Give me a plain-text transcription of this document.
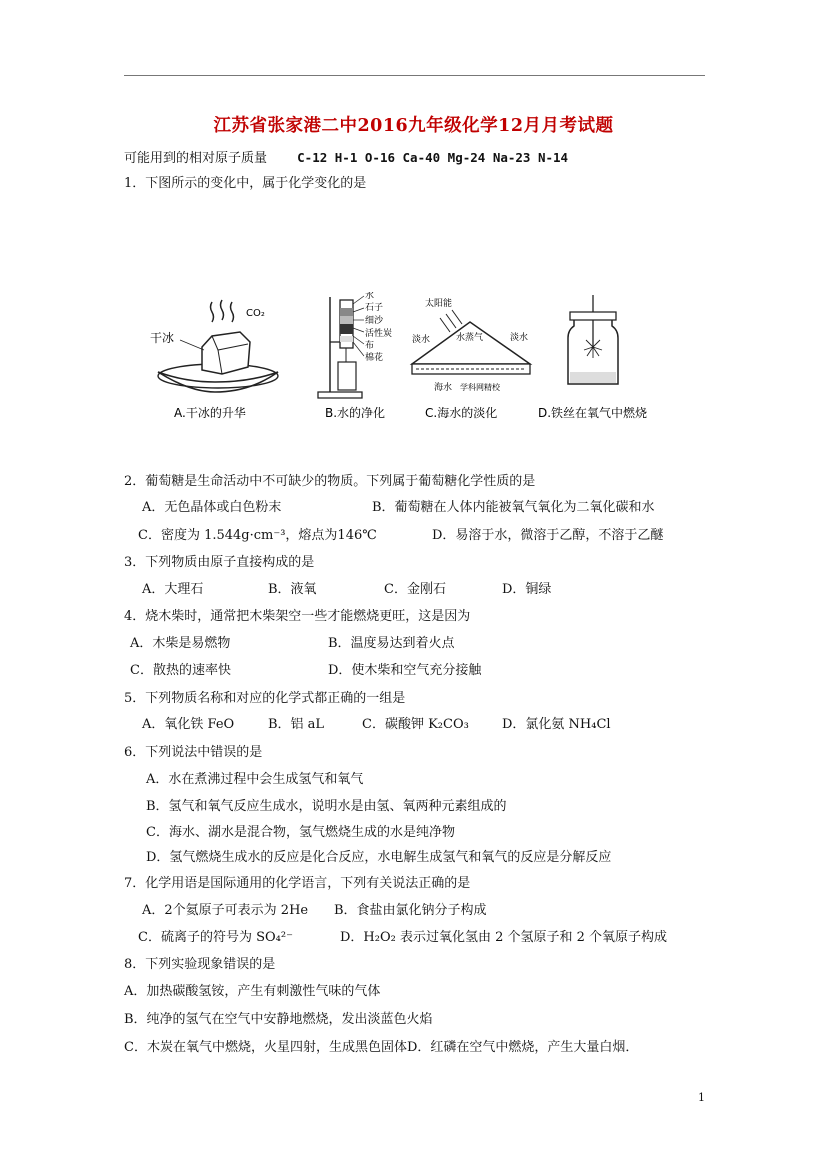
江苏省张家港二中2016九年级化学12月月考试题
可能用到的相对原子质量 C-12 H-1 O-16 Ca-40 Mg-24 Na-23 N-14
1．下图所示的变化中，属于化学变化的是
干冰
CO₂
A.干冰的升华
水
石子
细沙
活性炭
布
棉花
B.水的净化
太阳能
淡水	水蒸气	淡水
海水 学科网精校
C.海水的淡化	D.铁丝在氧气中燃烧
2．葡萄糖是生命活动中不可缺少的物质。下列属于葡萄糖化学性质的是
A．无色晶体或白色粉末	B．葡萄糖在人体内能被氧气氧化为二氧化碳和水
C．密度为 1.544g·cm⁻³，熔点为146℃	D．易溶于水，微溶于乙醇，不溶于乙醚
3．下列物质由原子直接构成的是
A．大理石	B．液氧	C．金刚石	D．铜绿
4．烧木柴时，通常把木柴架空一些才能燃烧更旺，这是因为
A．木柴是易燃物	B．温度易达到着火点
C．散热的速率快	D．使木柴和空气充分接触
5．下列物质名称和对应的化学式都正确的一组是
A．氧化铁 FeO	B．铝 aL	C．碳酸钾 K₂CO₃	D．氯化氨 NH₄Cl
6．下列说法中错误的是
A．水在煮沸过程中会生成氢气和氧气
B．氢气和氧气反应生成水，说明水是由氢、氧两种元素组成的
C．海水、湖水是混合物，氢气燃烧生成的水是纯净物
D．氢气燃烧生成水的反应是化合反应，水电解生成氢气和氧气的反应是分解反应
7．化学用语是国际通用的化学语言，下列有关说法正确的是
A．2个氦原子可表示为 2He B．食盐由氯化钠分子构成
C．硫离子的符号为 SO₄²⁻	D．H₂O₂ 表示过氧化氢由 2 个氢原子和 2 个氧原子构成
8．下列实验现象错误的是
A．加热碳酸氢铵，产生有刺激性气味的气体
B．纯净的氢气在空气中安静地燃烧，发出淡蓝色火焰
C．木炭在氧气中燃烧，火星四射，生成黑色固体D．红磷在空气中燃烧，产生大量白烟．
1
